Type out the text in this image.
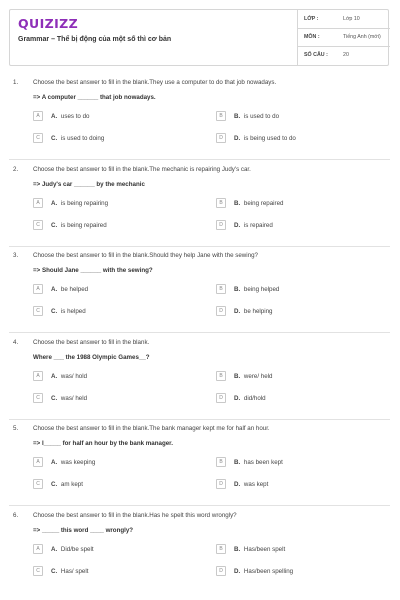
QUIZIZZ
Grammar – Thể bị động của một số thì cơ bản
LỚP :	Lớp 10
MÔN :	Tiếng Anh (mới)
SỐ CÂU :	20
1. Choose the best answer to fill in the blank.They use a computer to do that job nowadays.
=> A computer ______ that job nowadays.
A	A. uses to do	B	B. is used to do
C	C. is used to doing	D	D. is being used to do
2. Choose the best answer to fill in the blank.The mechanic is repairing Judy's car.
=> Judy's car ______ by the mechanic
A	A. is being repairing	B	B. being repaired
C	C. is being repaired	D	D. is repaired
3. Choose the best answer to fill in the blank.Should they help Jane with the sewing?
=> Should Jane ______ with the sewing?
A	A. be helped	B	B. being helped
C	C. is helped	D	D. be helping
4. Choose the best answer to fill in the blank.
Where ___ the 1988 Olympic Games__?
A	A. was/ hold	B	B. were/ held
C	C. was/ held	D	D. did/hold
5. Choose the best answer to fill in the blank.The bank manager kept me for half an hour.
=> I_____ for half an hour by the bank manager.
A	A. was keeping	B	B. has been kept
C	C. am kept	D	D. was kept
6. Choose the best answer to fill in the blank.Has he spelt this word wrongly?
=> _____ this word ____ wrongly?
A	A. Did/be spelt	B	B. Has/been spelt
C	C. Has/ spelt	D	D. Has/been spelling
